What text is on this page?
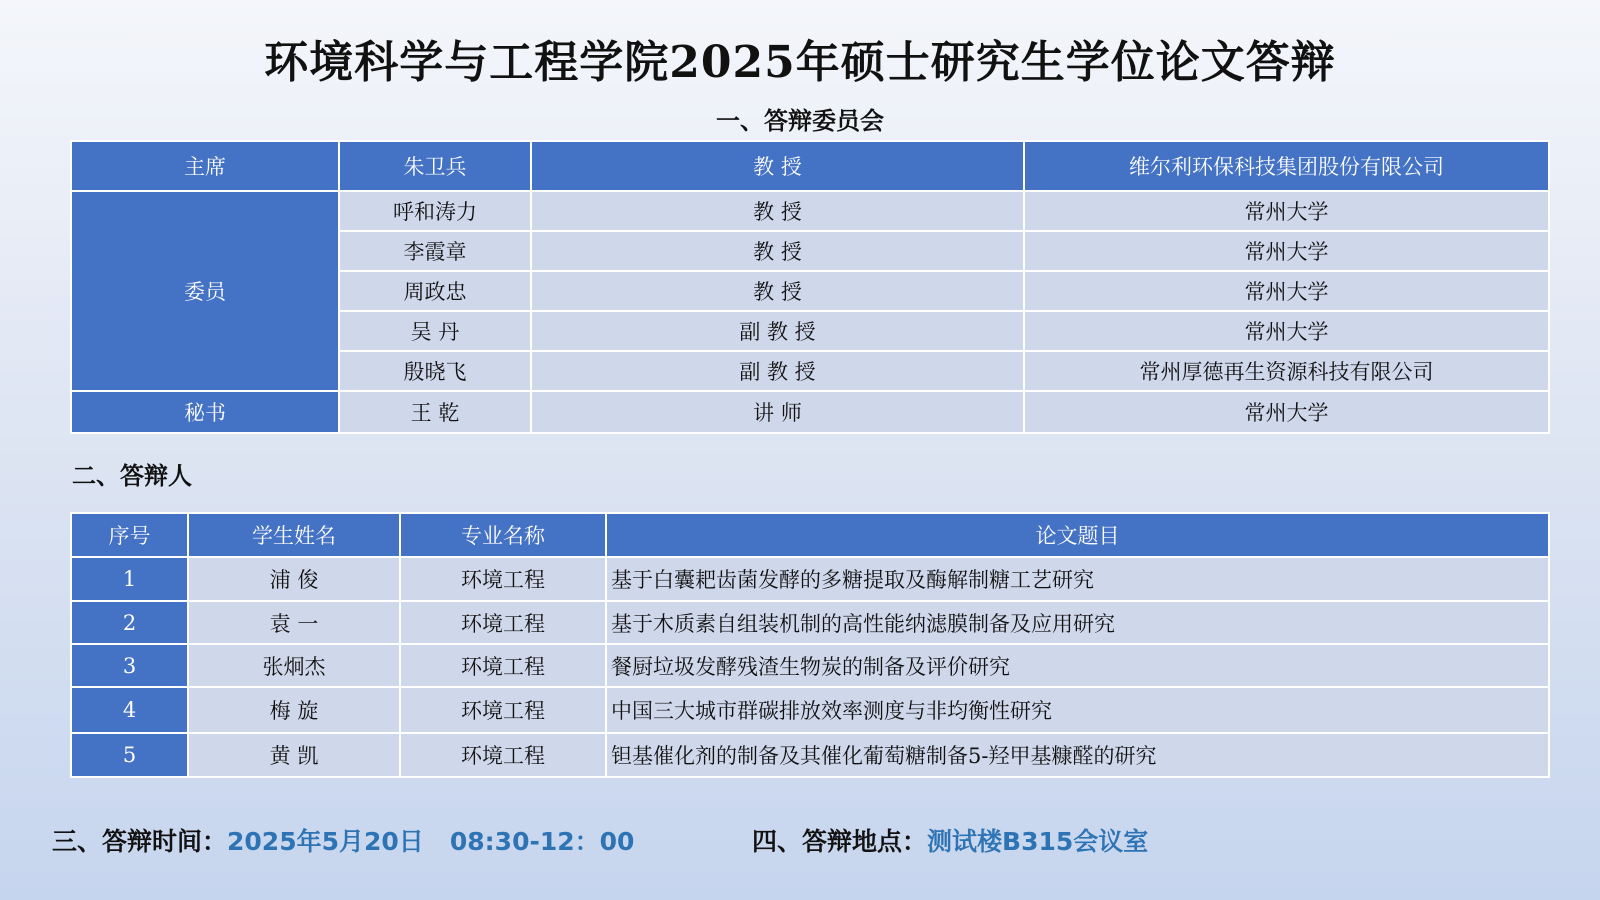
环境科学与工程学院2025年硕士研究生学位论文答辩
一、答辩委员会
主席	朱卫兵	教 授	维尔利环保科技集团股份有限公司
委员	呼和涛力	教 授	常州大学
	李霞章	教 授	常州大学
	周政忠	教 授	常州大学
	吴 丹	副 教 授	常州大学
	殷晓飞	副 教 授	常州厚德再生资源科技有限公司
秘书	王 乾	讲 师	常州大学
二、答辩人
序号	学生姓名	专业名称	论文题目
1	浦 俊	环境工程	基于白囊耙齿菌发酵的多糖提取及酶解制糖工艺研究
2	袁 一	环境工程	基于木质素自组装机制的高性能纳滤膜制备及应用研究
3	张炯杰	环境工程	餐厨垃圾发酵残渣生物炭的制备及评价研究
4	梅 旋	环境工程	中国三大城市群碳排放效率测度与非均衡性研究
5	黄 凯	环境工程	钽基催化剂的制备及其催化葡萄糖制备5-羟甲基糠醛的研究
三、答辩时间：2025年5月20日   08:30-12：00	四、答辩地点：测试楼B315会议室
